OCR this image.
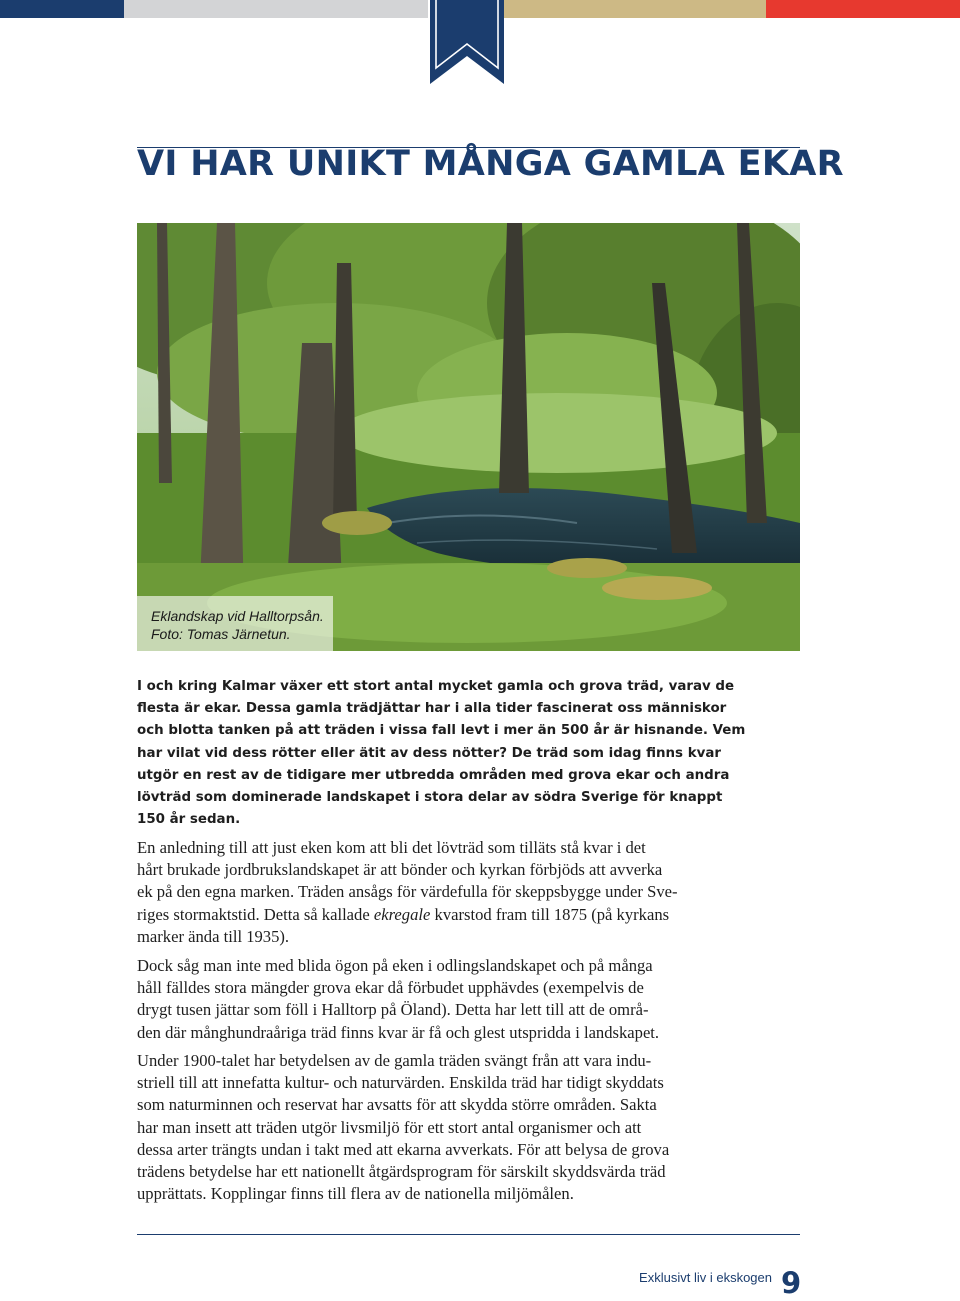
VI HAR UNIKT MÅNGA GAMLA EKAR
Eklandskap vid Halltorpsån.
Foto: Tomas Järnetun.
I och kring Kalmar växer ett stort antal mycket gamla och grova träd, varav de
flesta är ekar. Dessa gamla trädjättar har i alla tider fascinerat oss människor
och blotta tanken på att träden i vissa fall levt i mer än 500 år är hisnande. Vem
har vilat vid dess rötter eller ätit av dess nötter? De träd som idag finns kvar
utgör en rest av de tidigare mer utbredda områden med grova ekar och andra
lövträd som dominerade landskapet i stora delar av södra Sverige för knappt
150 år sedan.
En anledning till att just eken kom att bli det lövträd som tilläts stå kvar i det
hårt brukade jordbrukslandskapet är att bönder och kyrkan förbjöds att avverka
ek på den egna marken. Träden ansågs för värdefulla för skeppsbygge under Sve-
riges stormaktstid. Detta så kallade ekregale kvarstod fram till 1875 (på kyrkans
marker ända till 1935).
Dock såg man inte med blida ögon på eken i odlingslandskapet och på många
håll fälldes stora mängder grova ekar då förbudet upphävdes (exempelvis de
drygt tusen jättar som föll i Halltorp på Öland). Detta har lett till att de områ-
den där månghundraåriga träd finns kvar är få och glest utspridda i landskapet.
Under 1900-talet har betydelsen av de gamla träden svängt från att vara indu-
striell till att innefatta kultur- och naturvärden. Enskilda träd har tidigt skyddats
som naturminnen och reservat har avsatts för att skydda större områden. Sakta
har man insett att träden utgör livsmiljö för ett stort antal organismer och att
dessa arter trängts undan i takt med att ekarna avverkats. För att belysa de grova
trädens betydelse har ett nationellt åtgärdsprogram för särskilt skyddsvärda träd
upprättats. Kopplingar finns till flera av de nationella miljömålen.
Exklusivt liv i ekskogen 9
